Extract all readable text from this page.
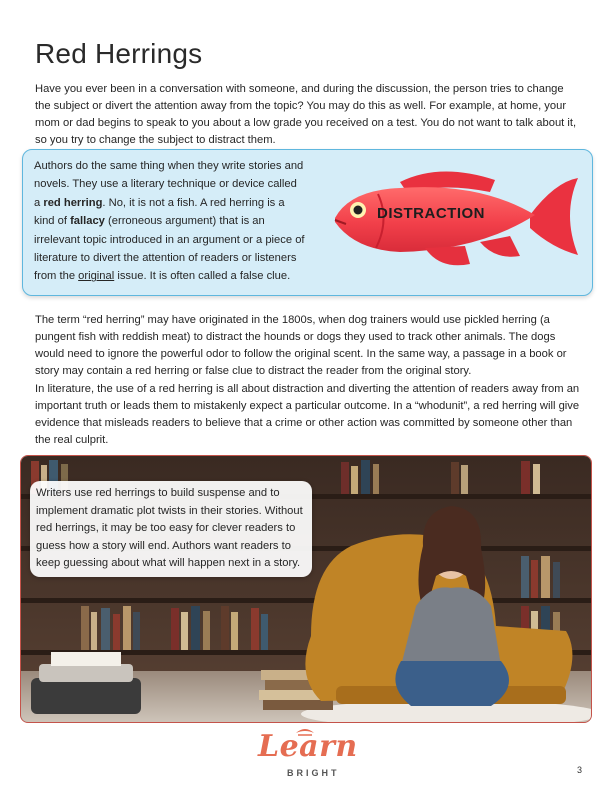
Red Herrings

Have you ever been in a conversation with someone, and during the discussion, the person tries to change the subject or divert the attention away from the topic? You may do this as well. For example, at home, your mom or dad begins to speak to you about a low grade you received on a test. You do not want to talk about it, so you try to change the subject to distract them.

Authors do the same thing when they write stories and novels. They use a literary technique or device called a red herring. No, it is not a fish. A red herring is a kind of fallacy (erroneous argument) that is an irrelevant topic introduced in an argument or a piece of literature to divert the attention of readers or listeners from the original issue. It is often called a false clue.

DISTRACTION

The term “red herring” may have originated in the 1800s, when dog trainers would use pickled herring (a pungent fish with reddish meat) to distract the hounds or dogs they used to track other animals. The dogs would need to ignore the powerful odor to follow the original scent. In the same way, a passage in a book or story may contain a red herring or false clue to distract the reader from the original story.

In literature, the use of a red herring is all about distraction and diverting the attention of readers away from an important truth or leads them to mistakenly expect a particular outcome. In a “whodunit”, a red herring will give evidence that misleads readers to believe that a crime or other action was committed by someone other than the real culprit.

Writers use red herrings to build suspense and to implement dramatic plot twists in their stories. Without red herrings, it may be too easy for clever readers to guess how a story will end. Authors want readers to keep guessing about what will happen next in a story.

Learn
BRIGHT	3
